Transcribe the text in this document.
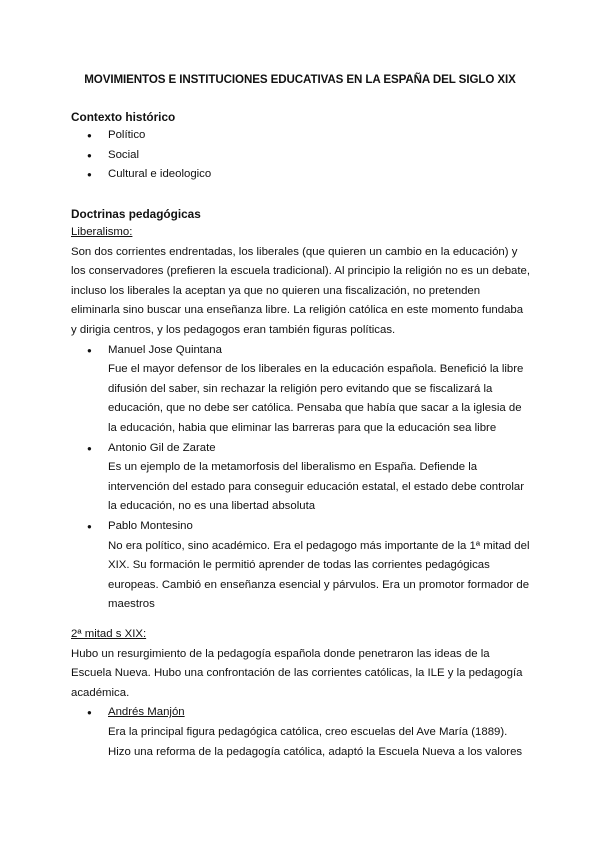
MOVIMIENTOS E INSTITUCIONES EDUCATIVAS EN LA ESPAÑA DEL SIGLO XIX
Contexto histórico
● Político
● Social
● Cultural e ideologico
Doctrinas pedagógicas
Liberalismo:

Son dos corrientes endrentadas, los liberales (que quieren un cambio en la educación) y los conservadores (prefieren la escuela tradicional). Al principio la religión no es un debate, incluso los liberales la aceptan ya que no quieren una fiscalización, no pretenden eliminarla sino buscar una enseñanza libre. La religión católica en este momento fundaba y dirigia centros, y los pedagogos eran también figuras políticas.

● Manuel Jose Quintana
Fue el mayor defensor de los liberales en la educación española. Benefició la libre difusión del saber, sin rechazar la religión pero evitando que se fiscalizará la educación, que no debe ser católica. Pensaba que había que sacar a la iglesia de la educación, habia que eliminar las barreras para que la educación sea libre
● Antonio Gil de Zarate
Es un ejemplo de la metamorfosis del liberalismo en España. Defiende la intervención del estado para conseguir educación estatal, el estado debe controlar la educación, no es una libertad absoluta
● Pablo Montesino
No era político, sino académico. Era el pedagogo más importante de la 1ª mitad del XIX. Su formación le permitió aprender de todas las corrientes pedagógicas europeas. Cambió en enseñanza esencial y párvulos. Era un promotor formador de maestros
2ª mitad s XIX:

Hubo un resurgimiento de la pedagogía española donde penetraron las ideas de la Escuela Nueva. Hubo una confrontación de las corrientes católicas, la ILE y la pedagogía académica.

● Andrés Manjón
Era la principal figura pedagógica católica, creo escuelas del Ave María (1889). Hizo una reforma de la pedagogía católica, adaptó la Escuela Nueva a los valores
